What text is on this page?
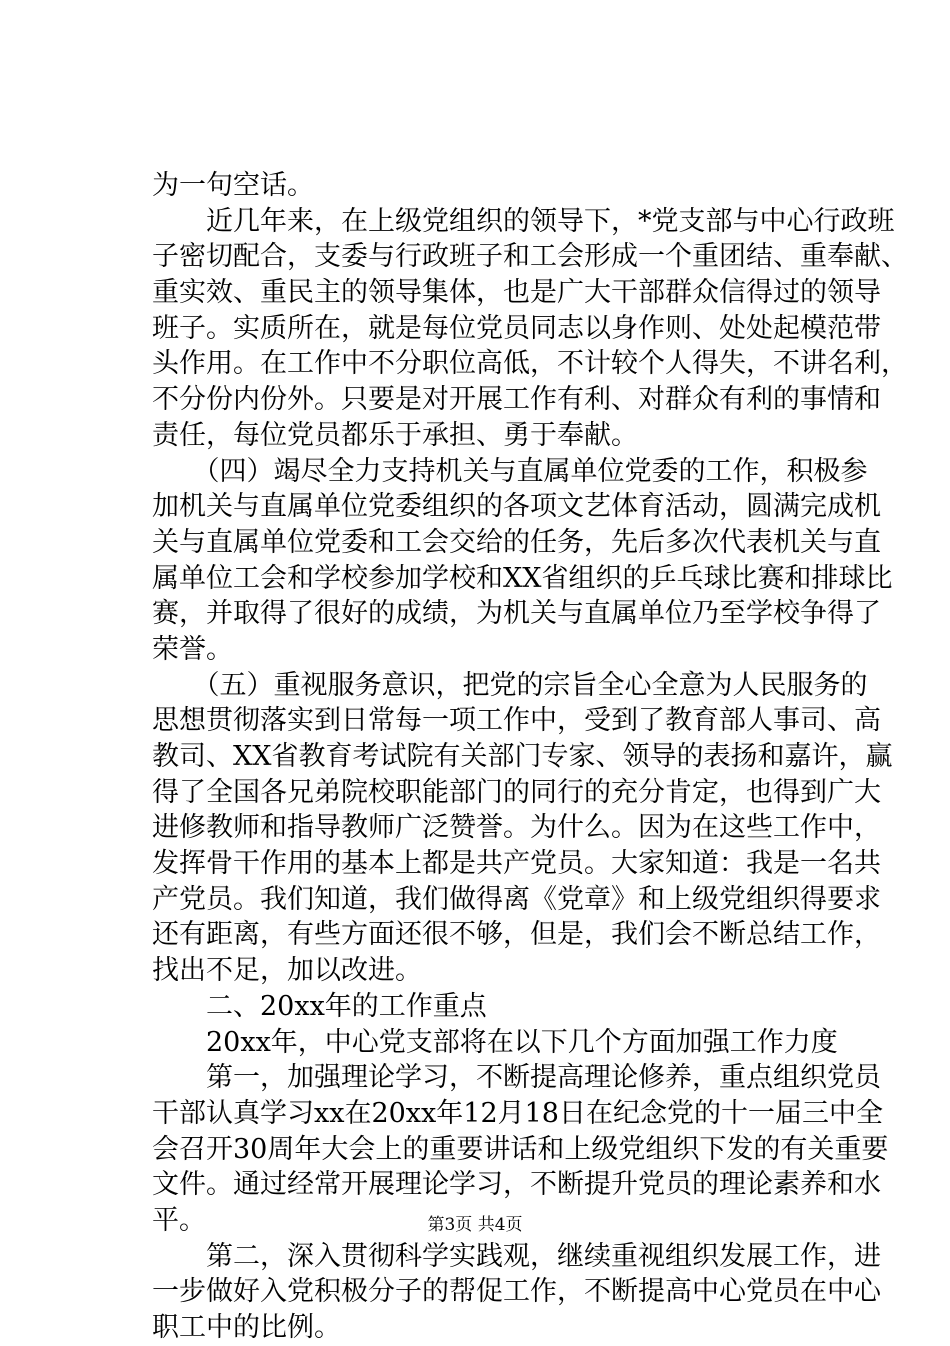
为一句空话。
　　近几年来，在上级党组织的领导下，*党支部与中心行政班
子密切配合，支委与行政班子和工会形成一个重团结、重奉献、
重实效、重民主的领导集体，也是广大干部群众信得过的领导
班子。实质所在，就是每位党员同志以身作则、处处起模范带
头作用。在工作中不分职位高低，不计较个人得失，不讲名利，
不分份内份外。只要是对开展工作有利、对群众有利的事情和
责任，每位党员都乐于承担、勇于奉献。
　　（四）竭尽全力支持机关与直属单位党委的工作，积极参
加机关与直属单位党委组织的各项文艺体育活动，圆满完成机
关与直属单位党委和工会交给的任务，先后多次代表机关与直
属单位工会和学校参加学校和XX省组织的乒乓球比赛和排球比
赛，并取得了很好的成绩，为机关与直属单位乃至学校争得了
荣誉。
　　（五）重视服务意识，把党的宗旨全心全意为人民服务的
思想贯彻落实到日常每一项工作中，受到了教育部人事司、高
教司、XX省教育考试院有关部门专家、领导的表扬和嘉许，赢
得了全国各兄弟院校职能部门的同行的充分肯定，也得到广大
进修教师和指导教师广泛赞誉。为什么。因为在这些工作中，
发挥骨干作用的基本上都是共产党员。大家知道：我是一名共
产党员。我们知道，我们做得离《党章》和上级党组织得要求
还有距离，有些方面还很不够，但是，我们会不断总结工作，
找出不足，加以改进。
　　二、20xx年的工作重点
　　20xx年，中心党支部将在以下几个方面加强工作力度
　　第一，加强理论学习，不断提高理论修养，重点组织党员
干部认真学习xx在20xx年12月18日在纪念党的十一届三中全
会召开30周年大会上的重要讲话和上级党组织下发的有关重要
文件。通过经常开展理论学习，不断提升党员的理论素养和水
平。
　　第二，深入贯彻科学实践观，继续重视组织发展工作，进
一步做好入党积极分子的帮促工作，不断提高中心党员在中心
职工中的比例。
第3页 共4页
